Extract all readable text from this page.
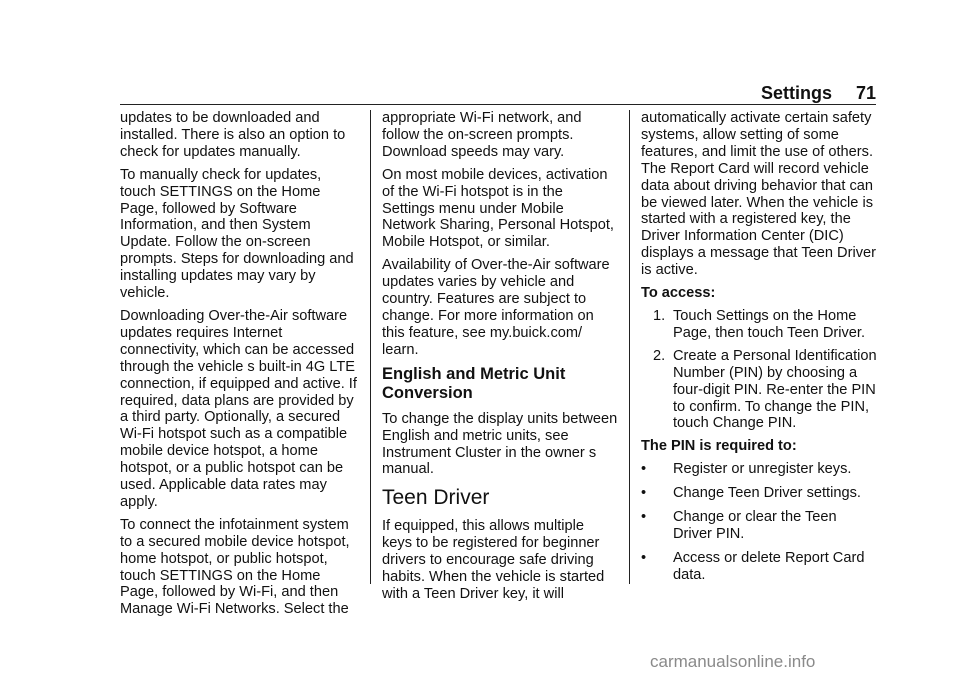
Settings 71

updates to be downloaded and installed. There is also an option to check for updates manually.

To manually check for updates, touch SETTINGS on the Home Page, followed by Software Information, and then System Update. Follow the on-screen prompts. Steps for downloading and installing updates may vary by vehicle.

Downloading Over-the-Air software updates requires Internet connectivity, which can be accessed through the vehicle s built-in 4G LTE connection, if equipped and active. If required, data plans are provided by a third party. Optionally, a secured Wi-Fi hotspot such as a compatible mobile device hotspot, a home hotspot, or a public hotspot can be used. Applicable data rates may apply.

To connect the infotainment system to a secured mobile device hotspot, home hotspot, or public hotspot, touch SETTINGS on the Home Page, followed by Wi-Fi, and then Manage Wi-Fi Networks. Select the

appropriate Wi-Fi network, and follow the on-screen prompts. Download speeds may vary.

On most mobile devices, activation of the Wi-Fi hotspot is in the Settings menu under Mobile Network Sharing, Personal Hotspot, Mobile Hotspot, or similar.

Availability of Over-the-Air software updates varies by vehicle and country. Features are subject to change. For more information on this feature, see my.buick.com/ learn.

English and Metric Unit Conversion

To change the display units between English and metric units, see Instrument Cluster in the owner s manual.

Teen Driver

If equipped, this allows multiple keys to be registered for beginner drivers to encourage safe driving habits. When the vehicle is started with a Teen Driver key, it will

automatically activate certain safety systems, allow setting of some features, and limit the use of others. The Report Card will record vehicle data about driving behavior that can be viewed later. When the vehicle is started with a registered key, the Driver Information Center (DIC) displays a message that Teen Driver is active.

To access:

1. Touch Settings on the Home Page, then touch Teen Driver.
2. Create a Personal Identification Number (PIN) by choosing a four-digit PIN. Re-enter the PIN to confirm. To change the PIN, touch Change PIN.

The PIN is required to:

• Register or unregister keys.
• Change Teen Driver settings.
• Change or clear the Teen Driver PIN.
• Access or delete Report Card data.
carmanualsonline.info
